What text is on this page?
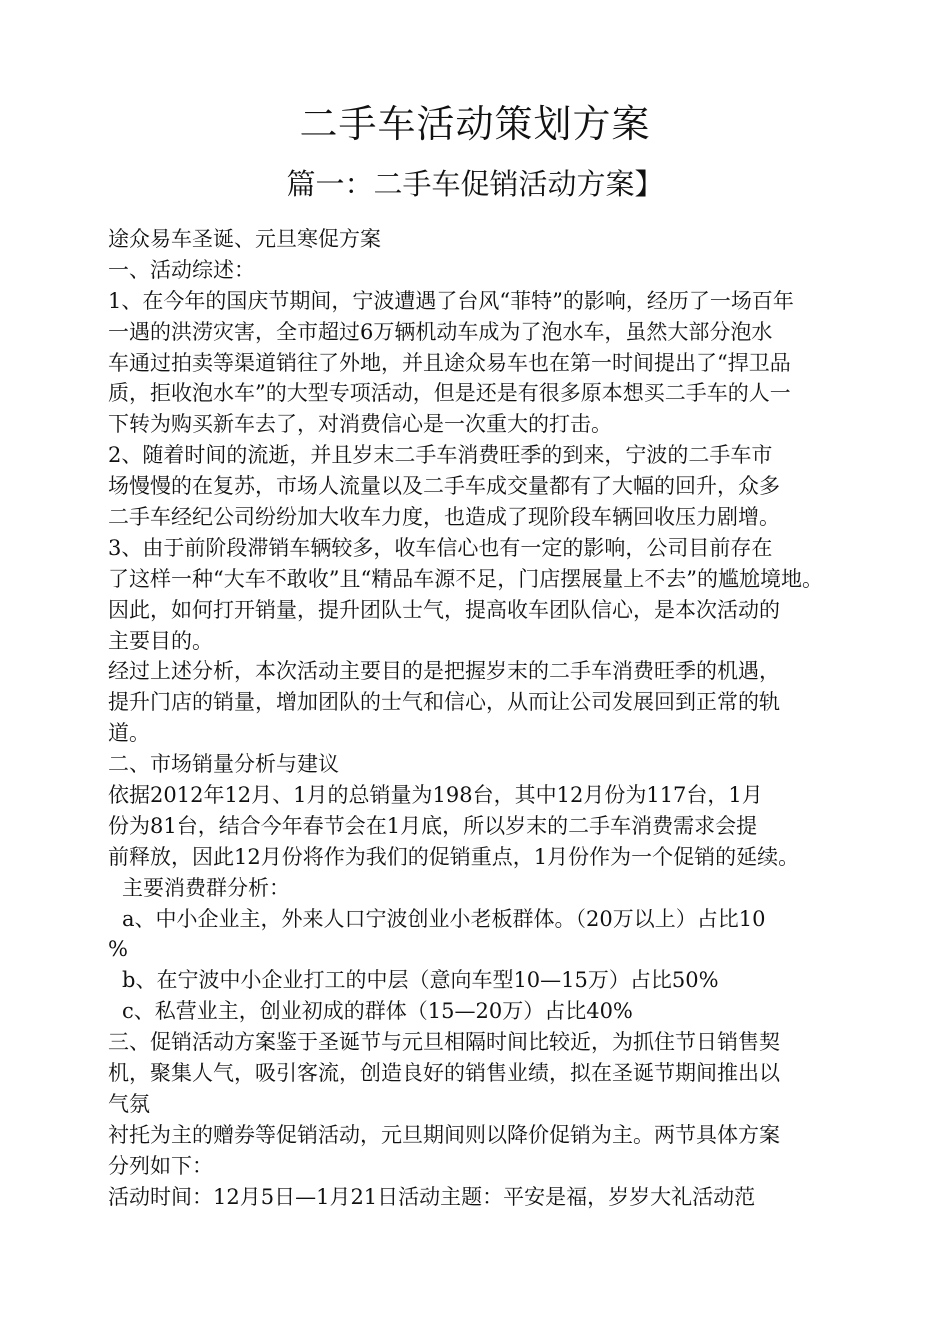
二手车活动策划方案
篇一：二手车促销活动方案】
途众易车圣诞、元旦寒促方案
一、活动综述：
1、在今年的国庆节期间，宁波遭遇了台风“菲特”的影响，经历了一场百年
一遇的洪涝灾害，全市超过6万辆机动车成为了泡水车，虽然大部分泡水
车通过拍卖等渠道销往了外地，并且途众易车也在第一时间提出了“捍卫品
质，拒收泡水车”的大型专项活动，但是还是有很多原本想买二手车的人一
下转为购买新车去了，对消费信心是一次重大的打击。
2、随着时间的流逝，并且岁末二手车消费旺季的到来，宁波的二手车市
场慢慢的在复苏，市场人流量以及二手车成交量都有了大幅的回升，众多
二手车经纪公司纷纷加大收车力度，也造成了现阶段车辆回收压力剧增。
3、由于前阶段滞销车辆较多，收车信心也有一定的影响，公司目前存在
了这样一种“大车不敢收”且“精品车源不足，门店摆展量上不去”的尴尬境地。
因此，如何打开销量，提升团队士气，提高收车团队信心，是本次活动的
主要目的。
经过上述分析，本次活动主要目的是把握岁末的二手车消费旺季的机遇，
提升门店的销量，增加团队的士气和信心，从而让公司发展回到正常的轨
道。
二、市场销量分析与建议
依据2012年12月、1月的总销量为198台，其中12月份为117台，1月
份为81台，结合今年春节会在1月底，所以岁末的二手车消费需求会提
前释放，因此12月份将作为我们的促销重点，1月份作为一个促销的延续。
主要消费群分析：
a、中小企业主，外来人口宁波创业小老板群体。（20万以上）占比10
%
b、在宁波中小企业打工的中层（意向车型10—15万）占比50%
c、私营业主，创业初成的群体（15—20万）占比40%
三、促销活动方案鉴于圣诞节与元旦相隔时间比较近，为抓住节日销售契
机，聚集人气，吸引客流，创造良好的销售业绩，拟在圣诞节期间推出以
气氛
衬托为主的赠券等促销活动，元旦期间则以降价促销为主。两节具体方案
分列如下：
活动时间：12月5日—1月21日活动主题：平安是福，岁岁大礼活动范
